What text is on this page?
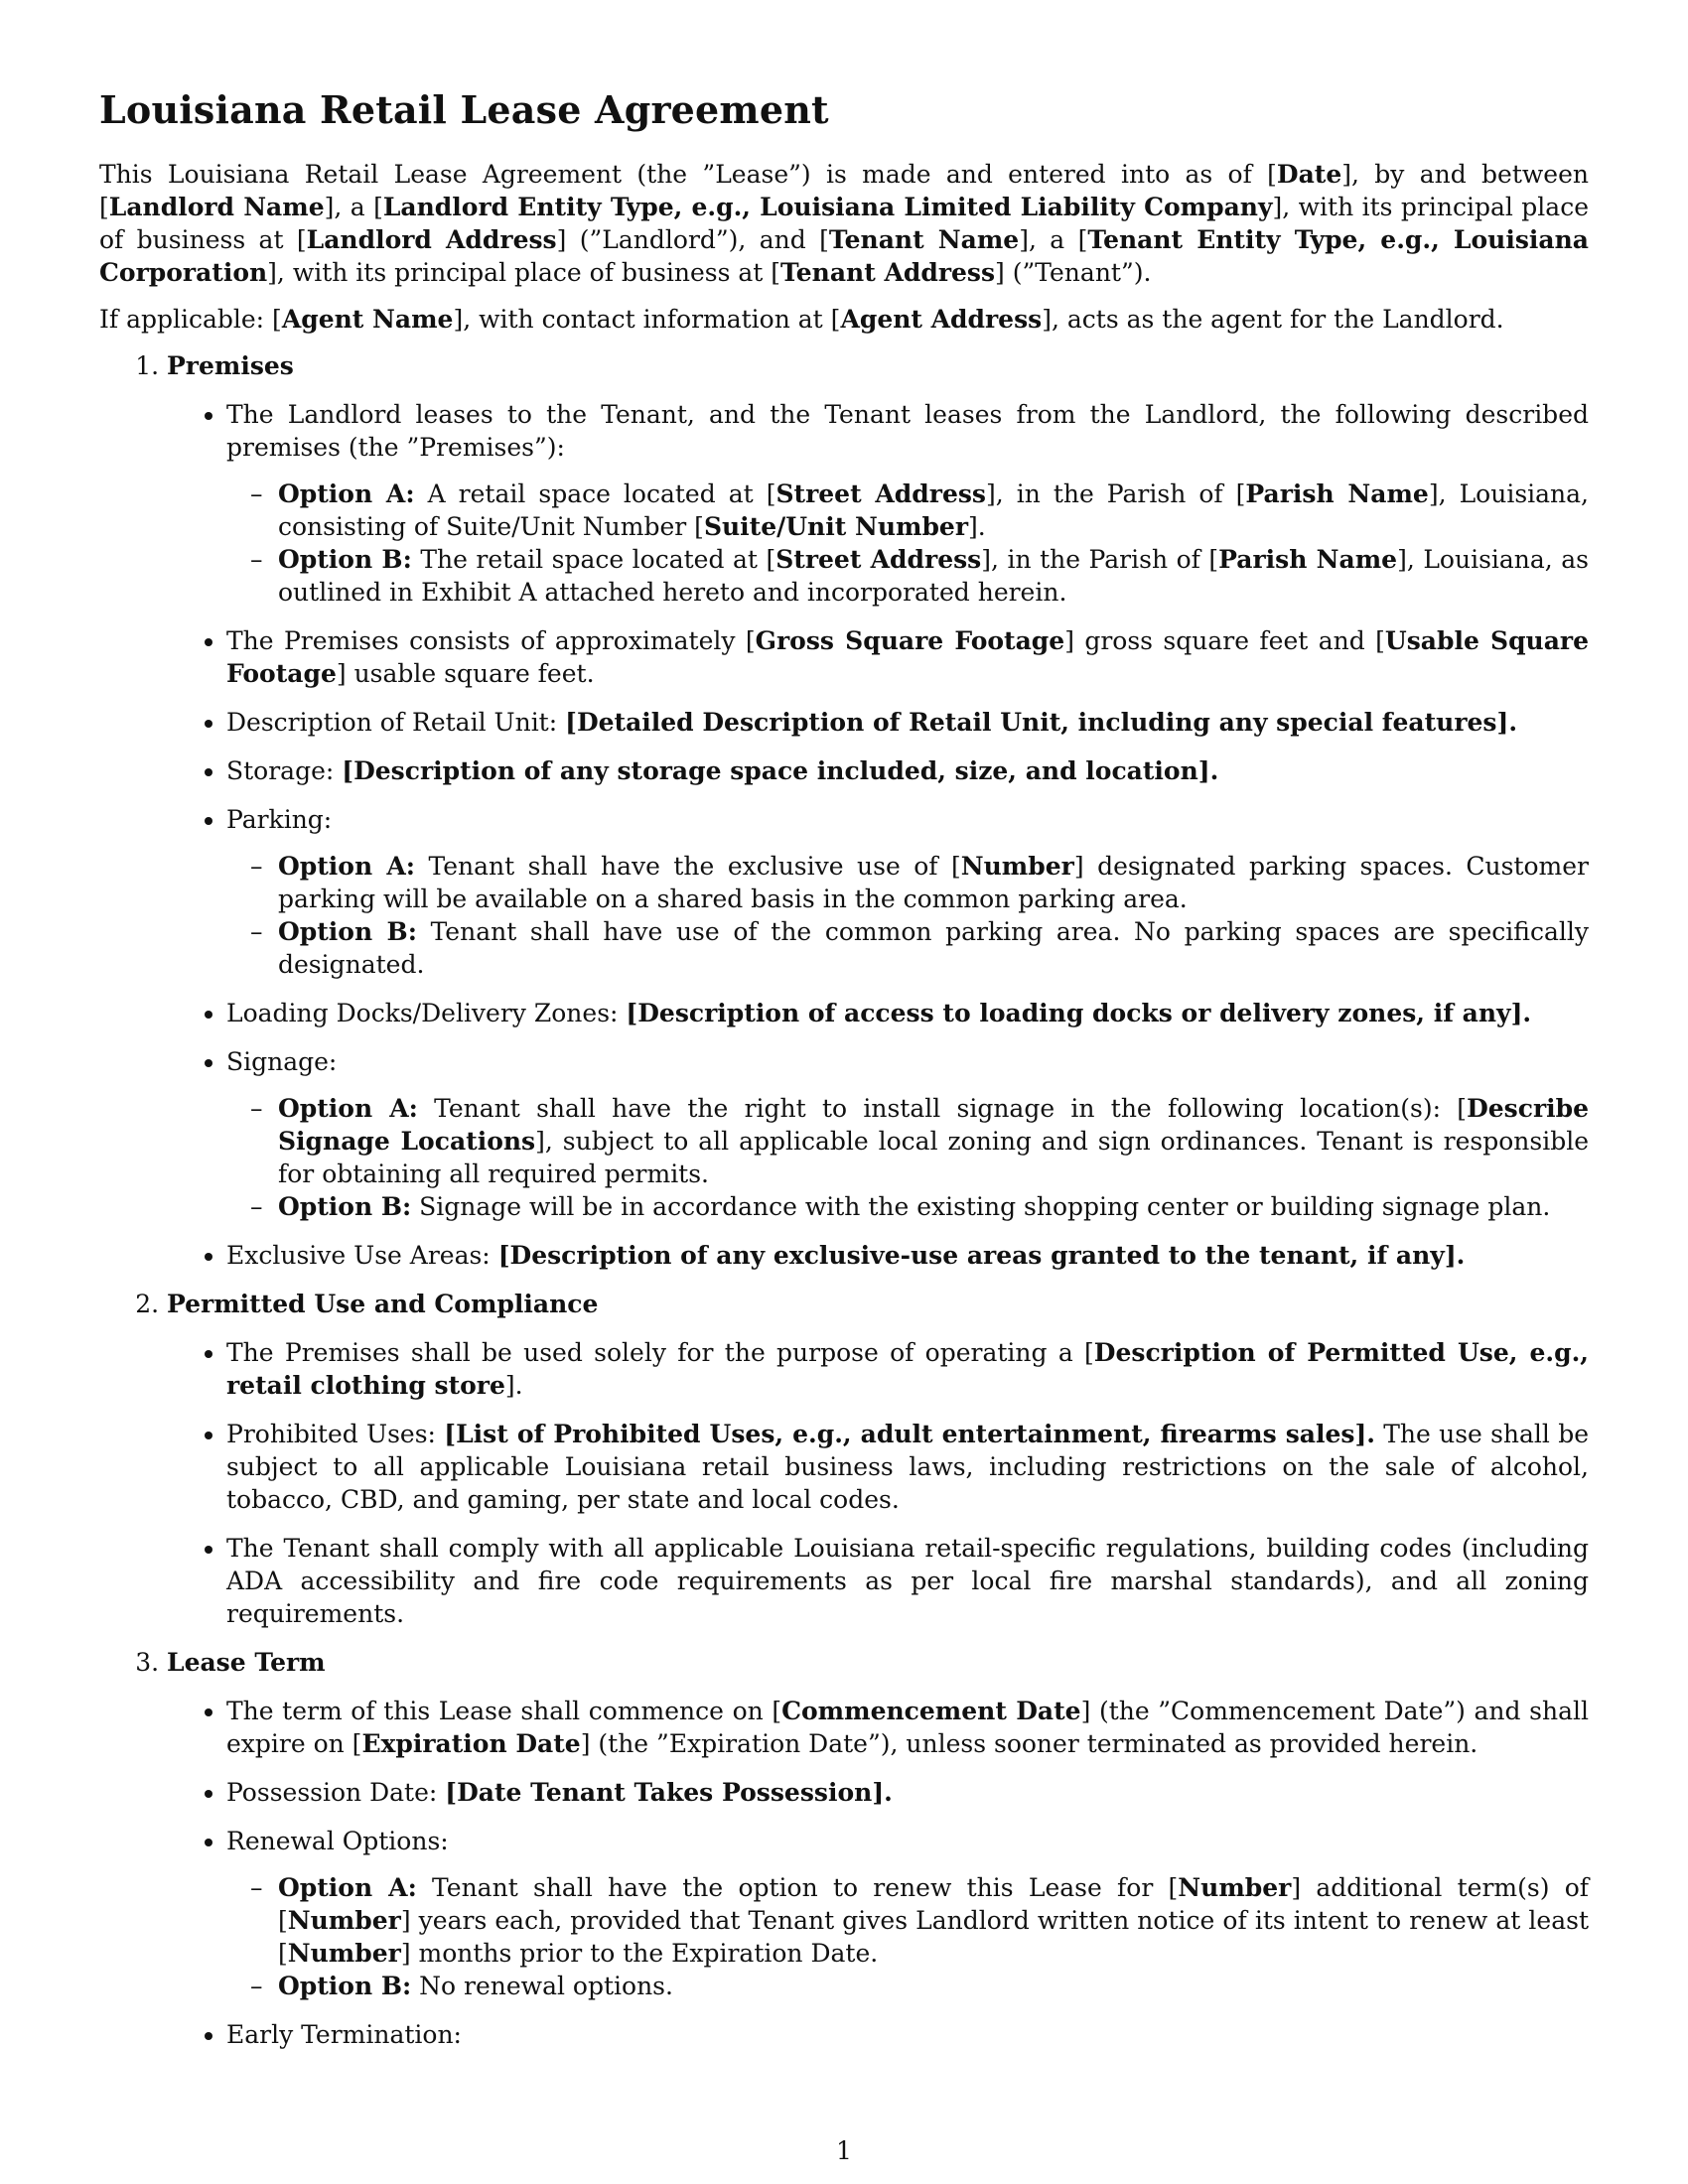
Louisiana Retail Lease Agreement

This Louisiana Retail Lease Agreement (the ”Lease”) is made and entered into as of [Date], by and between [Landlord Name], a [Landlord Entity Type, e.g., Louisiana Limited Liability Company], with its principal place of business at [Landlord Address] (”Landlord”), and [Tenant Name], a [Tenant Entity Type, e.g., Louisiana Corporation], with its principal place of business at [Tenant Address] (”Tenant”).

If applicable: [Agent Name], with contact information at [Agent Address], acts as the agent for the Landlord.

1. Premises
• The Landlord leases to the Tenant, and the Tenant leases from the Landlord, the following described premises (the ”Premises”):
– Option A: A retail space located at [Street Address], in the Parish of [Parish Name], Louisiana, consisting of Suite/Unit Number [Suite/Unit Number].
– Option B: The retail space located at [Street Address], in the Parish of [Parish Name], Louisiana, as outlined in Exhibit A attached hereto and incorporated herein.
• The Premises consists of approximately [Gross Square Footage] gross square feet and [Usable Square Footage] usable square feet.
• Description of Retail Unit: [Detailed Description of Retail Unit, including any special features].
• Storage: [Description of any storage space included, size, and location].
• Parking:
– Option A: Tenant shall have the exclusive use of [Number] designated parking spaces. Customer parking will be available on a shared basis in the common parking area.
– Option B: Tenant shall have use of the common parking area. No parking spaces are specifically designated.
• Loading Docks/Delivery Zones: [Description of access to loading docks or delivery zones, if any].
• Signage:
– Option A: Tenant shall have the right to install signage in the following location(s): [Describe Signage Locations], subject to all applicable local zoning and sign ordinances. Tenant is responsible for obtaining all required permits.
– Option B: Signage will be in accordance with the existing shopping center or building signage plan.
• Exclusive Use Areas: [Description of any exclusive-use areas granted to the tenant, if any].
2. Permitted Use and Compliance
• The Premises shall be used solely for the purpose of operating a [Description of Permitted Use, e.g., retail clothing store].
• Prohibited Uses: [List of Prohibited Uses, e.g., adult entertainment, firearms sales]. The use shall be subject to all applicable Louisiana retail business laws, including restrictions on the sale of alcohol, tobacco, CBD, and gaming, per state and local codes.
• The Tenant shall comply with all applicable Louisiana retail-specific regulations, building codes (including ADA accessibility and fire code requirements as per local fire marshal standards), and all zoning requirements.
3. Lease Term
• The term of this Lease shall commence on [Commencement Date] (the ”Commencement Date”) and shall expire on [Expiration Date] (the ”Expiration Date”), unless sooner terminated as provided herein.
• Possession Date: [Date Tenant Takes Possession].
• Renewal Options:
– Option A: Tenant shall have the option to renew this Lease for [Number] additional term(s) of [Number] years each, provided that Tenant gives Landlord written notice of its intent to renew at least [Number] months prior to the Expiration Date.
– Option B: No renewal options.
• Early Termination:
1
